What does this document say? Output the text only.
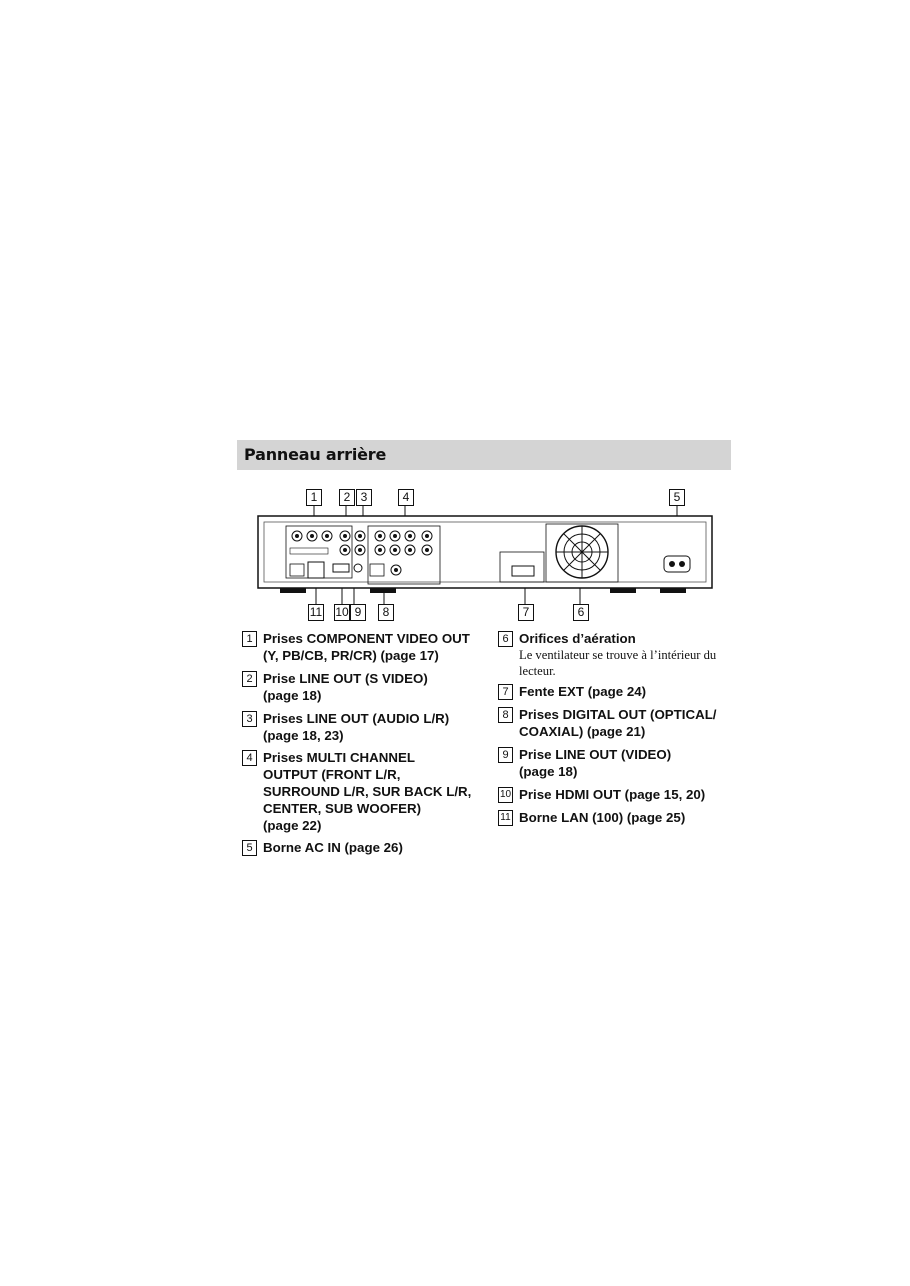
Panneau arrière
1	2 3	4	5
11 10 9	8	7	6
1 Prises COMPONENT VIDEO OUT
(Y, PB/CB, PR/CR) (page 17)
2 Prise LINE OUT (S VIDEO)
(page 18)
3 Prises LINE OUT (AUDIO L/R)
(page 18, 23)
4 Prises MULTI CHANNEL
OUTPUT (FRONT L/R,
SURROUND L/R, SUR BACK L/R,
CENTER, SUB WOOFER)
(page 22)
5 Borne AC IN (page 26)
6 Orifices d’aération
Le ventilateur se trouve à l’intérieur du
lecteur.
7 Fente EXT (page 24)
8 Prises DIGITAL OUT (OPTICAL/
COAXIAL) (page 21)
9 Prise LINE OUT (VIDEO)
(page 18)
10 Prise HDMI OUT (page 15, 20)
11 Borne LAN (100) (page 25)
